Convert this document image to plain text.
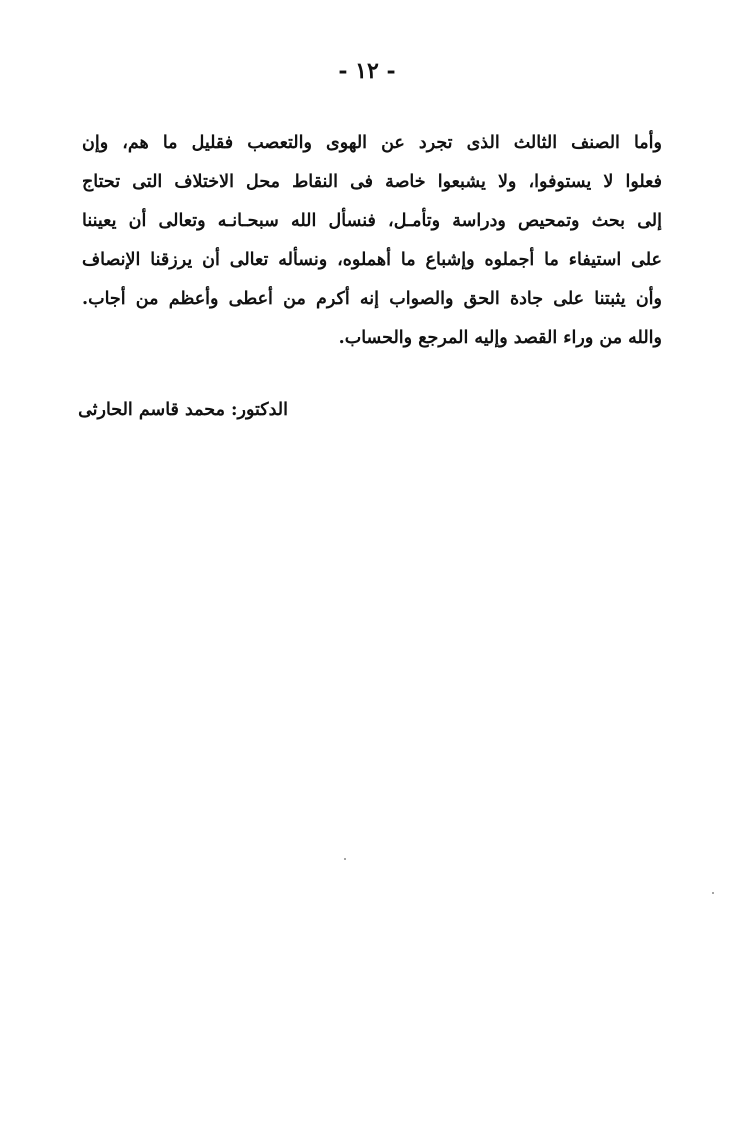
- ١٢ -
وأما الصنف الثالث الذى تجرد عن الهوى والتعصب فقليل ما هم، وإن
فعلوا لا يستوفوا، ولا يشبعوا خاصة فى النقاط محل الاختلاف التى تحتاج
إلى بحث وتمحيص ودراسة وتأمـل، فنسأل الله سبحـانـه وتعالى أن يعيننا
على استيفاء ما أجملوه وإشباع ما أهملوه، ونسأله تعالى أن يرزقنا الإنصاف
وأن يثبتنا على جادة الحق والصواب إنه أكرم من أعطى وأعظم من أجاب.
والله من وراء القصد وإليه المرجع والحساب.
الدكتور: محمد قاسم الحارثى
